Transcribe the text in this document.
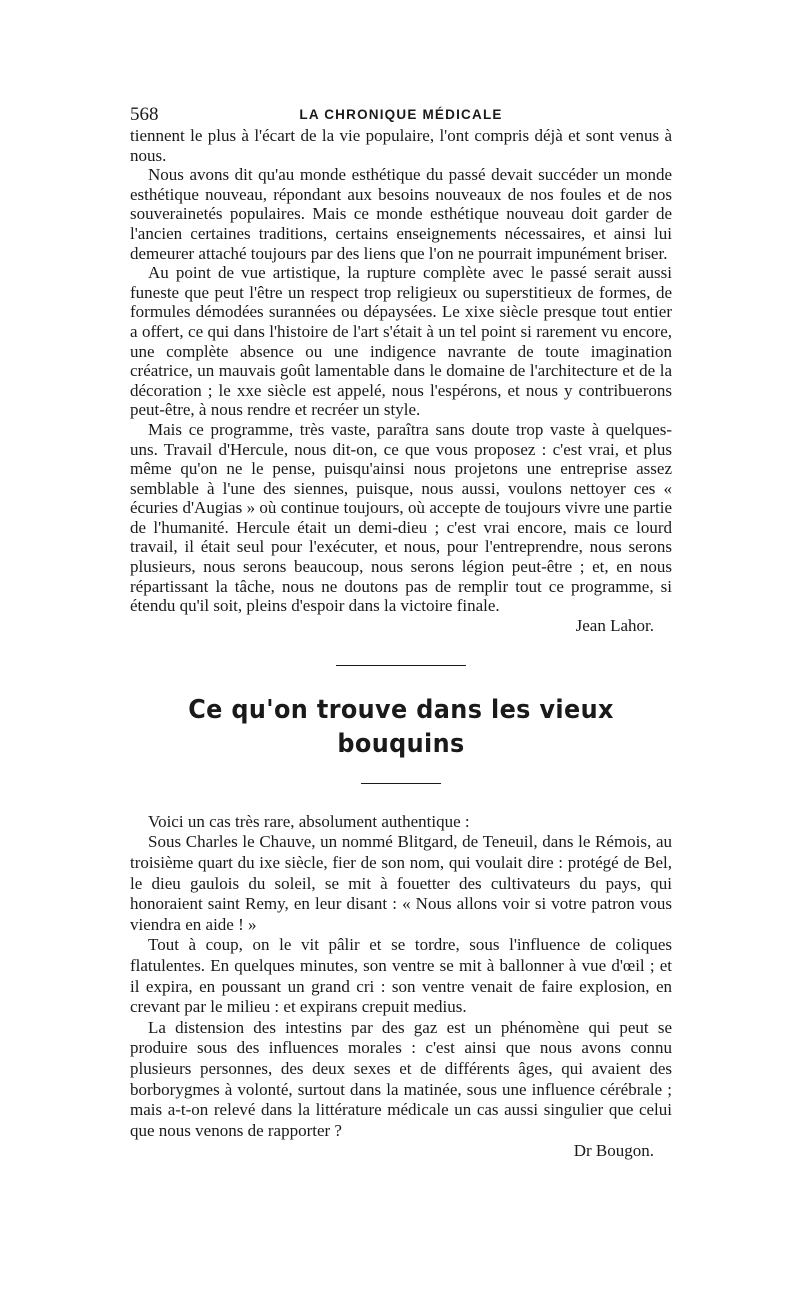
568	LA CHRONIQUE MÉDICALE

tiennent le plus à l'écart de la vie populaire, l'ont compris déjà et sont venus à nous.

Nous avons dit qu'au monde esthétique du passé devait succéder un monde esthétique nouveau, répondant aux besoins nouveaux de nos foules et de nos souverainetés populaires. Mais ce monde esthétique nouveau doit garder de l'ancien certaines traditions, certains enseignements nécessaires, et ainsi lui demeurer attaché toujours par des liens que l'on ne pourrait impunément briser.

Au point de vue artistique, la rupture complète avec le passé serait aussi funeste que peut l'être un respect trop religieux ou superstitieux de formes, de formules démodées surannées ou dépaysées. Le xixe siècle presque tout entier a offert, ce qui dans l'histoire de l'art s'était à un tel point si rarement vu encore, une complète absence ou une indigence navrante de toute imagination créatrice, un mauvais goût lamentable dans le domaine de l'architecture et de la décoration ; le xxe siècle est appelé, nous l'espérons, et nous y contribuerons peut-être, à nous rendre et recréer un style.

Mais ce programme, très vaste, paraîtra sans doute trop vaste à quelques-uns. Travail d'Hercule, nous dit-on, ce que vous proposez : c'est vrai, et plus même qu'on ne le pense, puisqu'ainsi nous projetons une entreprise assez semblable à l'une des siennes, puisque, nous aussi, voulons nettoyer ces « écuries d'Augias » où continue toujours, où accepte de toujours vivre une partie de l'humanité. Hercule était un demi-dieu ; c'est vrai encore, mais ce lourd travail, il était seul pour l'exécuter, et nous, pour l'entreprendre, nous serons plusieurs, nous serons beaucoup, nous serons légion peut-être ; et, en nous répartissant la tâche, nous ne doutons pas de remplir tout ce programme, si étendu qu'il soit, pleins d'espoir dans la victoire finale.

Jean Lahor.
Ce qu'on trouve dans les vieux bouquins

Voici un cas très rare, absolument authentique :

Sous Charles le Chauve, un nommé Blitgard, de Teneuil, dans le Rémois, au troisième quart du ixe siècle, fier de son nom, qui voulait dire : protégé de Bel, le dieu gaulois du soleil, se mit à fouetter des cultivateurs du pays, qui honoraient saint Remy, en leur disant : « Nous allons voir si votre patron vous viendra en aide ! »

Tout à coup, on le vit pâlir et se tordre, sous l'influence de coliques flatulentes. En quelques minutes, son ventre se mit à ballonner à vue d'œil ; et il expira, en poussant un grand cri : son ventre venait de faire explosion, en crevant par le milieu : et expirans crepuit medius.

La distension des intestins par des gaz est un phénomène qui peut se produire sous des influences morales : c'est ainsi que nous avons connu plusieurs personnes, des deux sexes et de différents âges, qui avaient des borborygmes à volonté, surtout dans la matinée, sous une influence cérébrale ; mais a-t-on relevé dans la littérature médicale un cas aussi singulier que celui que nous venons de rapporter ?

Dr Bougon.
